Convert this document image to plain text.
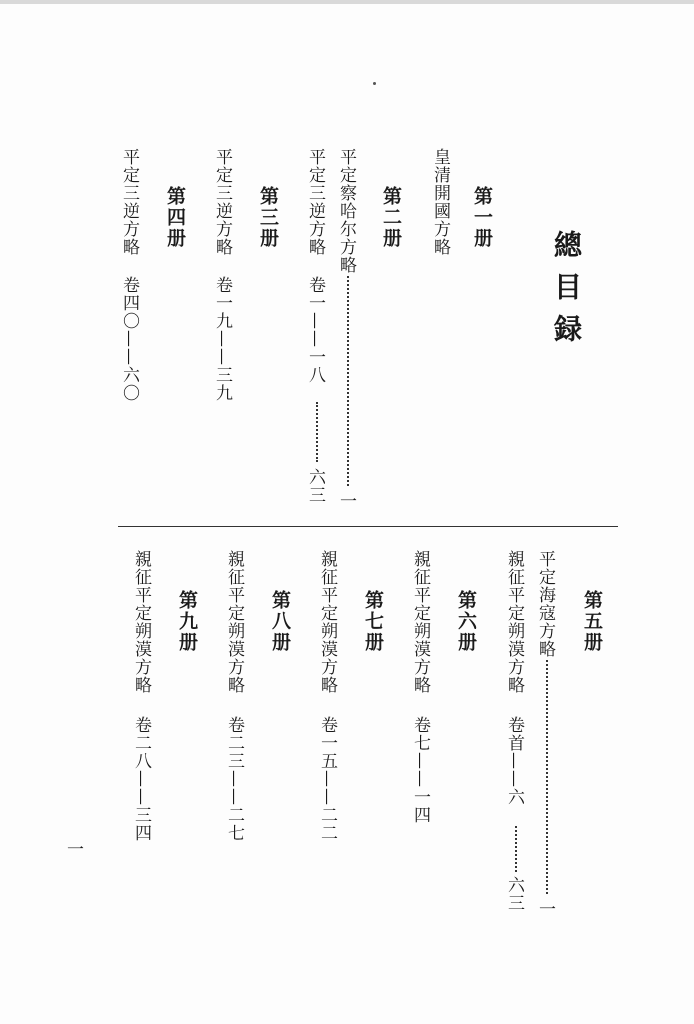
總目録
第一册
皇清開國方略
第二册
平定察哈尔方略
一
平定三逆方略
卷一——一八
六三
第三册
平定三逆方略
卷一九——三九
第四册
平定三逆方略
卷四〇——六〇
第五册
平定海寇方略
一
親征平定朔漠方略
卷首——六
六三
第六册
親征平定朔漠方略
卷七——一四
第七册
親征平定朔漠方略
卷一五——二二
第八册
親征平定朔漠方略
卷二三——二七
第九册
親征平定朔漠方略
卷二八——三四
一
